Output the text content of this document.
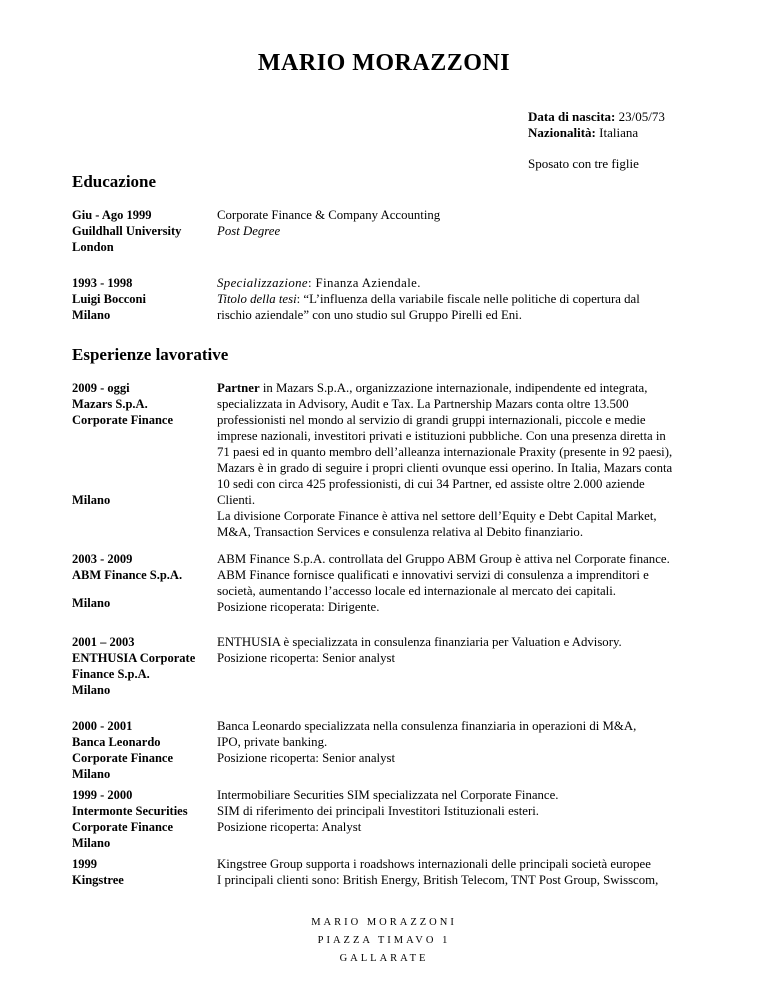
MARIO MORAZZONI
Data di nascita: 23/05/73
Nazionalità: Italiana
Sposato con tre figlie
Educazione
Giu - Ago 1999
Guildhall University
London
Corporate Finance & Company Accounting
Post Degree
1993 - 1998
Luigi Bocconi
Milano
Specializzazione: Finanza Aziendale.
Titolo della tesi: “L’influenza della variabile fiscale nelle politiche di copertura dal
rischio aziendale” con uno studio sul Gruppo Pirelli ed Eni.
Esperienze lavorative
2009 - oggi
Mazars S.p.A.
Corporate Finance
Milano
Partner in Mazars S.p.A., organizzazione internazionale, indipendente ed integrata,
specializzata in Advisory, Audit e Tax. La Partnership Mazars conta oltre 13.500
professionisti nel mondo al servizio di grandi gruppi internazionali, piccole e medie
imprese nazionali, investitori privati e istituzioni pubbliche. Con una presenza diretta in
71 paesi ed in quanto membro dell’alleanza internazionale Praxity (presente in 92 paesi),
Mazars è in grado di seguire i propri clienti ovunque essi operino. In Italia, Mazars conta
10 sedi con circa 425 professionisti, di cui 34 Partner, ed assiste oltre 2.000 aziende
Clienti.
La divisione Corporate Finance è attiva nel settore dell’Equity e Debt Capital Market,
M&A, Transaction Services e consulenza relativa al Debito finanziario.
2003 - 2009
ABM Finance S.p.A.
Milano
ABM Finance S.p.A. controllata del Gruppo ABM Group è attiva nel Corporate finance.
ABM Finance fornisce qualificati e innovativi servizi di consulenza a imprenditori e
società, aumentando l’accesso locale ed internazionale al mercato dei capitali.
Posizione ricoperata: Dirigente.
2001 – 2003
ENTHUSIA Corporate
Finance S.p.A.
Milano
ENTHUSIA è specializzata in consulenza finanziaria per Valuation e Advisory.
Posizione ricoperta: Senior analyst
2000 - 2001
Banca Leonardo
Corporate Finance
Milano
Banca Leonardo specializzata nella consulenza finanziaria in operazioni di M&A,
IPO, private banking.
Posizione ricoperta: Senior analyst
1999 - 2000
Intermonte Securities
Corporate Finance
Milano
Intermobiliare Securities SIM specializzata nel Corporate Finance.
SIM di riferimento dei principali Investitori Istituzionali esteri.
Posizione ricoperta: Analyst
1999
Kingstree
Kingstree Group supporta i roadshows internazionali delle principali società europee
I principali clienti sono: British Energy, British Telecom, TNT Post Group, Swisscom,
MARIO MORAZZONI
PIAZZA TIMAVO 1
GALLARATE
